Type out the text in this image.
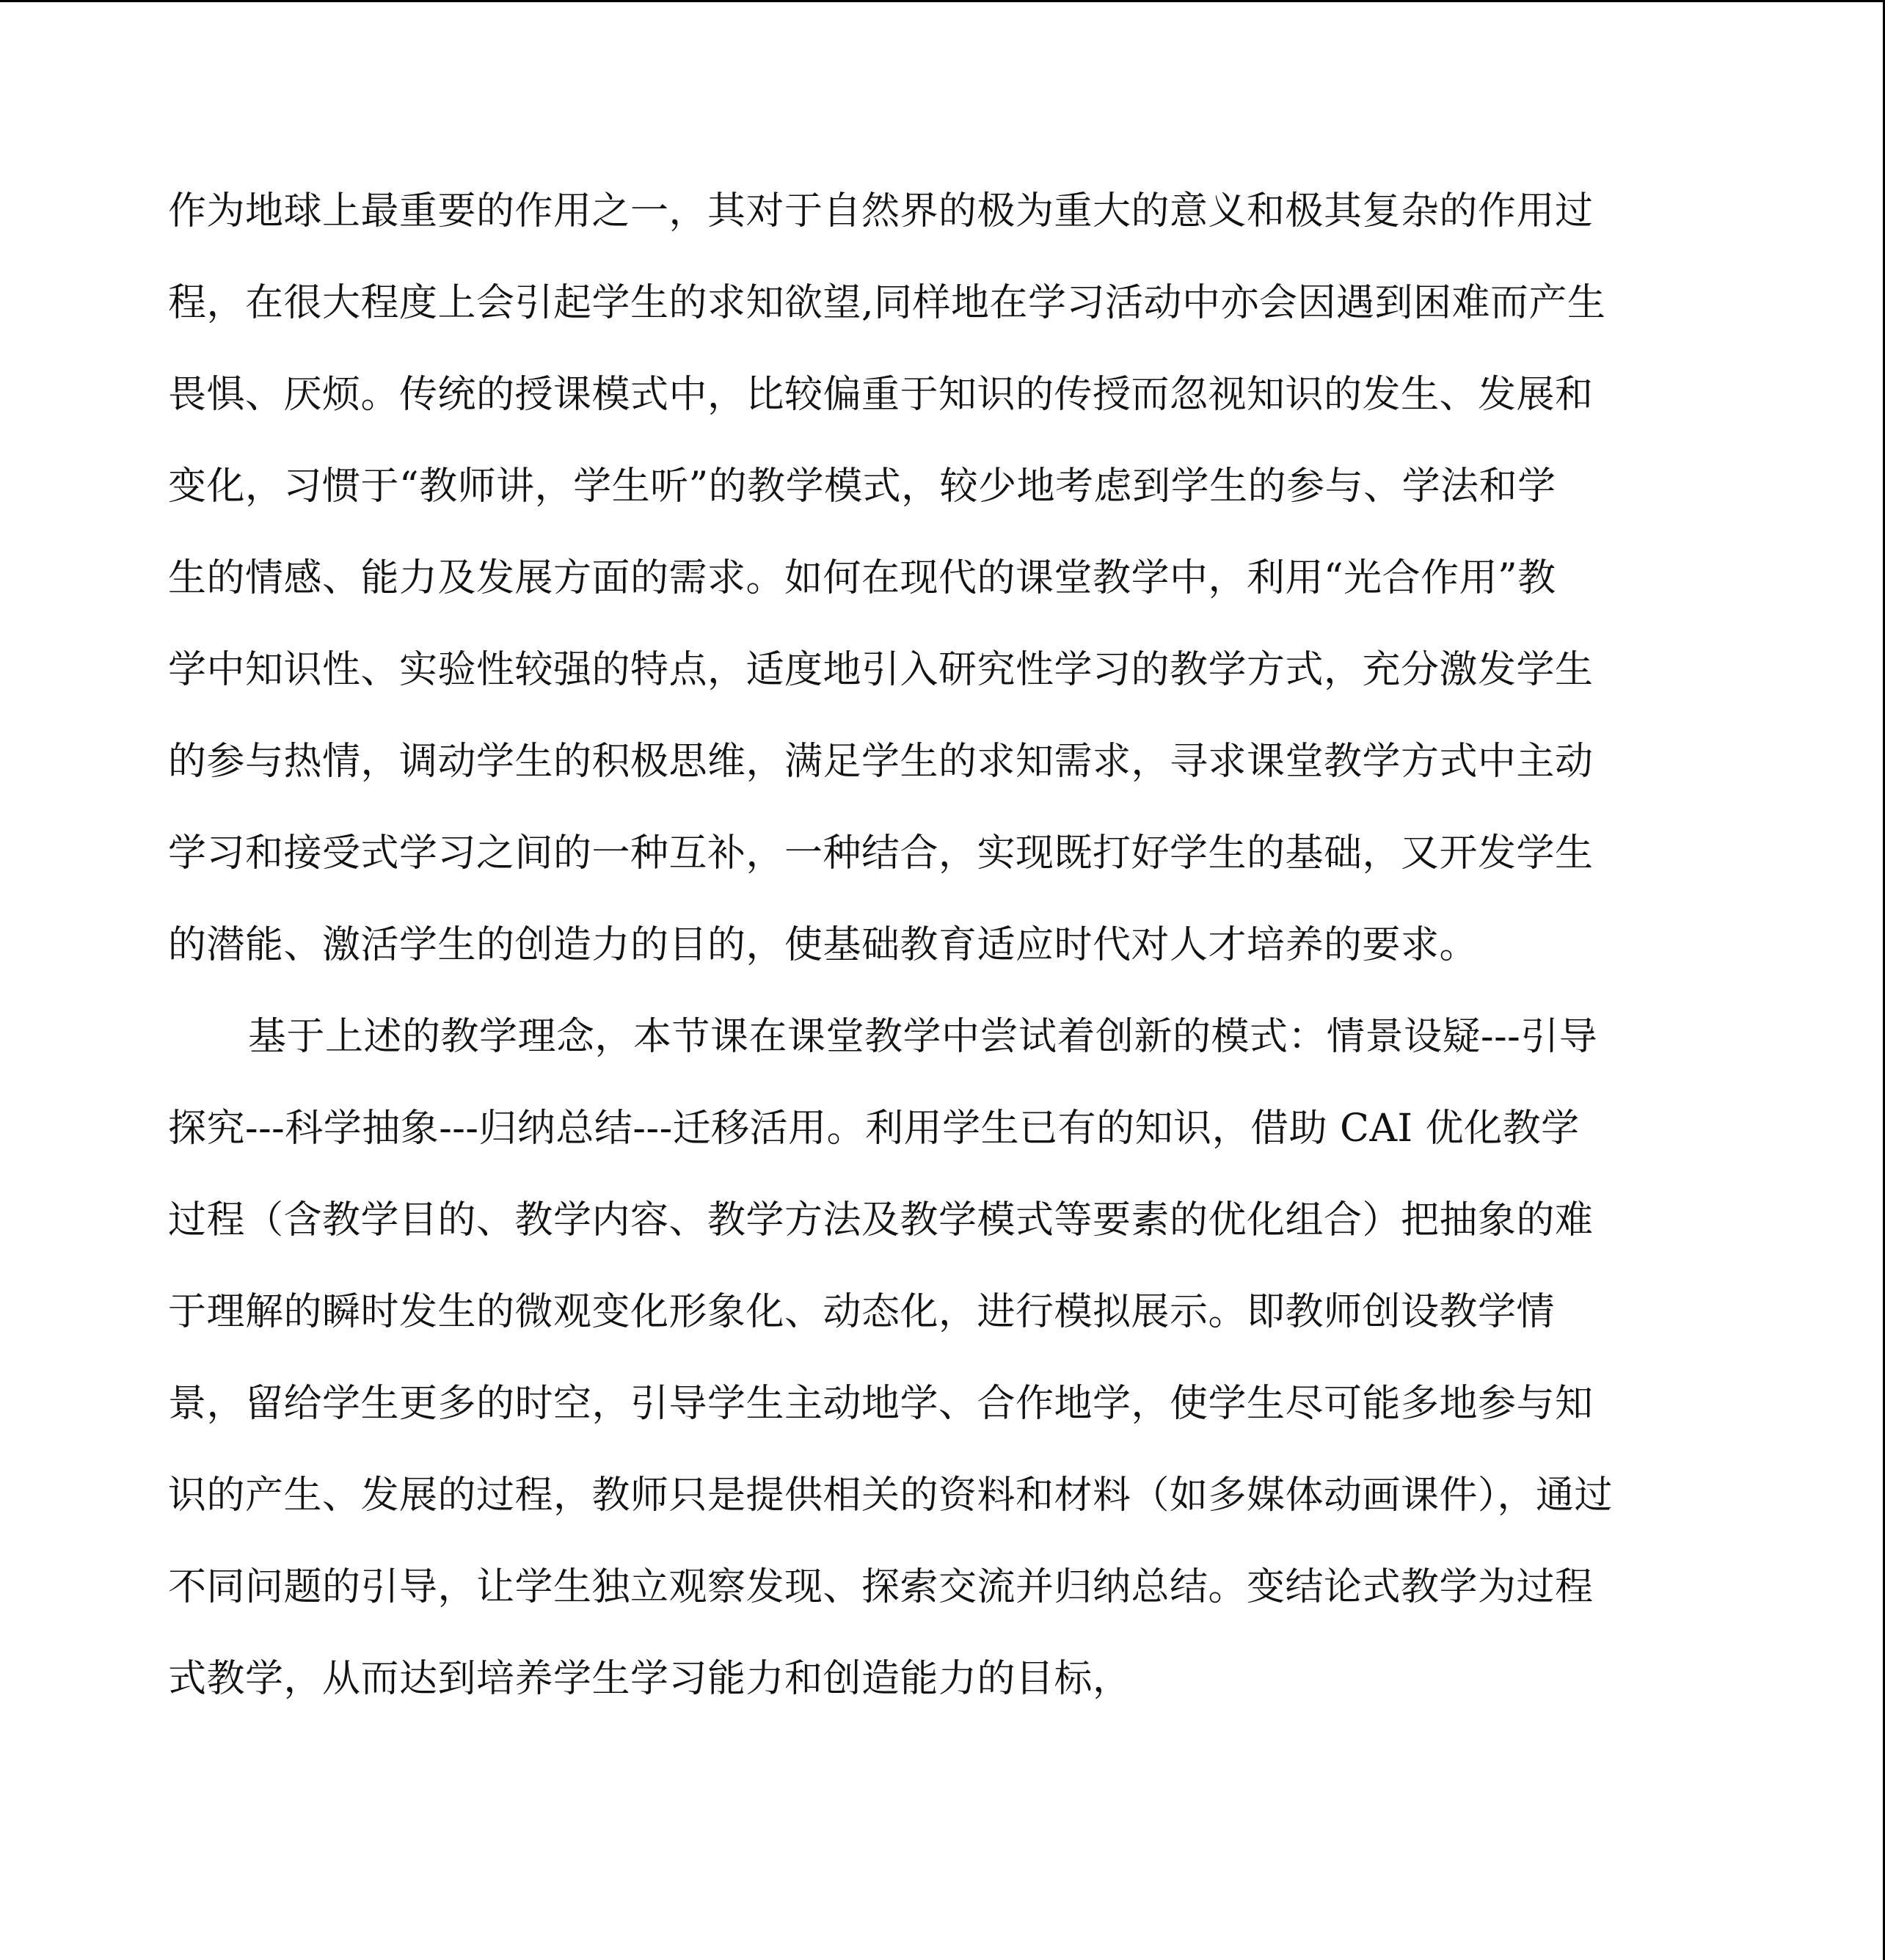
作为地球上最重要的作用之一，其对于自然界的极为重大的意义和极其复杂的作用过
程，在很大程度上会引起学生的求知欲望,同样地在学习活动中亦会因遇到困难而产生
畏惧、厌烦。传统的授课模式中，比较偏重于知识的传授而忽视知识的发生、发展和
变化，习惯于“教师讲，学生听”的教学模式，较少地考虑到学生的参与、学法和学
生的情感、能力及发展方面的需求。如何在现代的课堂教学中，利用“光合作用”教
学中知识性、实验性较强的特点，适度地引入研究性学习的教学方式，充分激发学生
的参与热情，调动学生的积极思维，满足学生的求知需求，寻求课堂教学方式中主动
学习和接受式学习之间的一种互补，一种结合，实现既打好学生的基础，又开发学生
的潜能、激活学生的创造力的目的，使基础教育适应时代对人才培养的要求。
基于上述的教学理念，本节课在课堂教学中尝试着创新的模式：情景设疑---引导
探究---科学抽象---归纳总结---迁移活用。利用学生已有的知识，借助 CAI 优化教学
过程（含教学目的、教学内容、教学方法及教学模式等要素的优化组合）把抽象的难
于理解的瞬时发生的微观变化形象化、动态化，进行模拟展示。即教师创设教学情
景，留给学生更多的时空，引导学生主动地学、合作地学，使学生尽可能多地参与知
识的产生、发展的过程，教师只是提供相关的资料和材料（如多媒体动画课件），通过
不同问题的引导，让学生独立观察发现、探索交流并归纳总结。变结论式教学为过程
式教学，从而达到培养学生学习能力和创造能力的目标，
